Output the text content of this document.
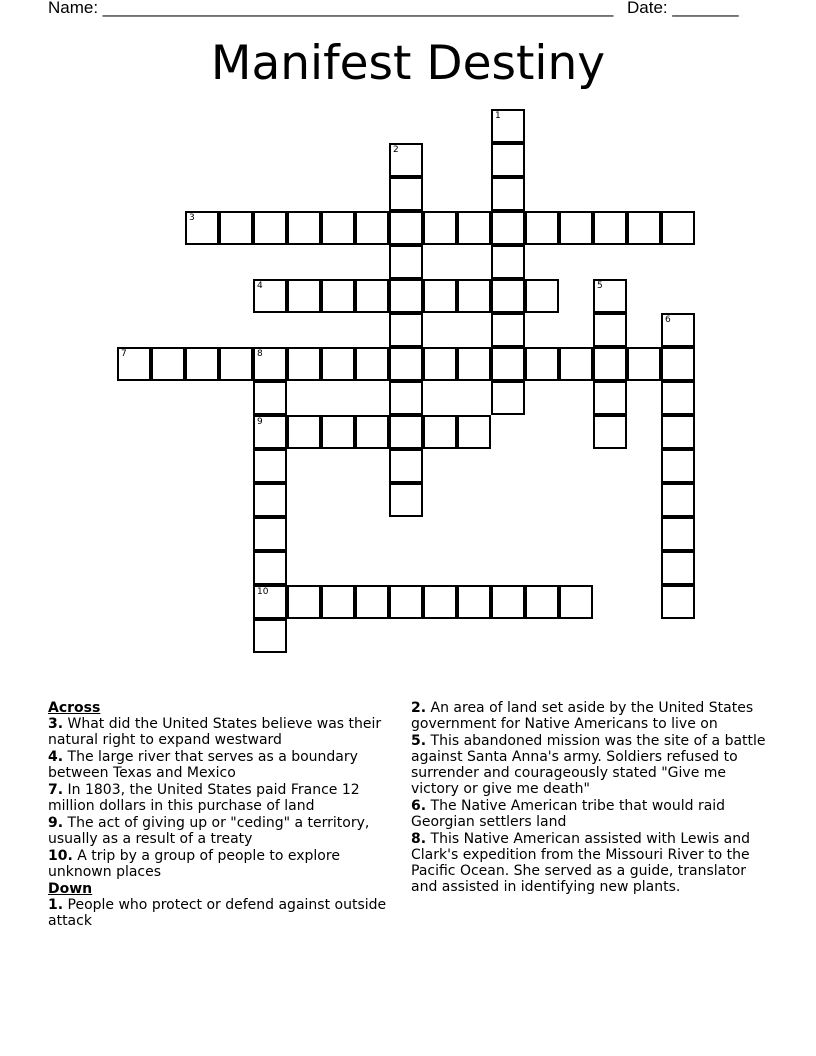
Name: ______________________________________________________ Date: _______
Manifest Destiny
3
4
7	8
9
10
1
2
5
6

Across

3. What did the United States believe was their natural right to expand westward

4. The large river that serves as a boundary between Texas and Mexico

7. In 1803, the United States paid France 12 million dollars in this purchase of land

9. The act of giving up or "ceding" a territory, usually as a result of a treaty

10. A trip by a group of people to explore unknown places

Down

1. People who protect or defend against outside attack

2. An area of land set aside by the United States government for Native Americans to live on

5. This abandoned mission was the site of a battle against Santa Anna's army. Soldiers refused to surrender and courageously stated "Give me victory or give me death"

6. The Native American tribe that would raid Georgian settlers land

8. This Native American assisted with Lewis and Clark's expedition from the Missouri River to the Pacific Ocean. She served as a guide, translator and assisted in identifying new plants.
